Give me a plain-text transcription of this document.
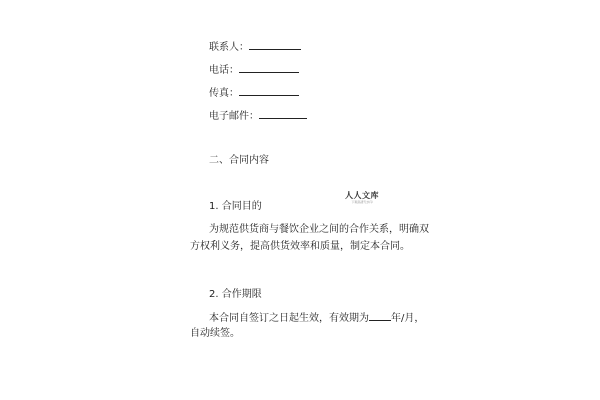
联系人：
电话：
传真：
电子邮件：
二、合同内容
1. 合同目的
人人文库
下载高清无水印
为规范供货商与餐饮企业之间的合作关系，明确双
方权利义务，提高供货效率和质量，制定本合同。
2. 合作期限
本合同自签订之日起生效，有效期为 年/月，
自动续签。
